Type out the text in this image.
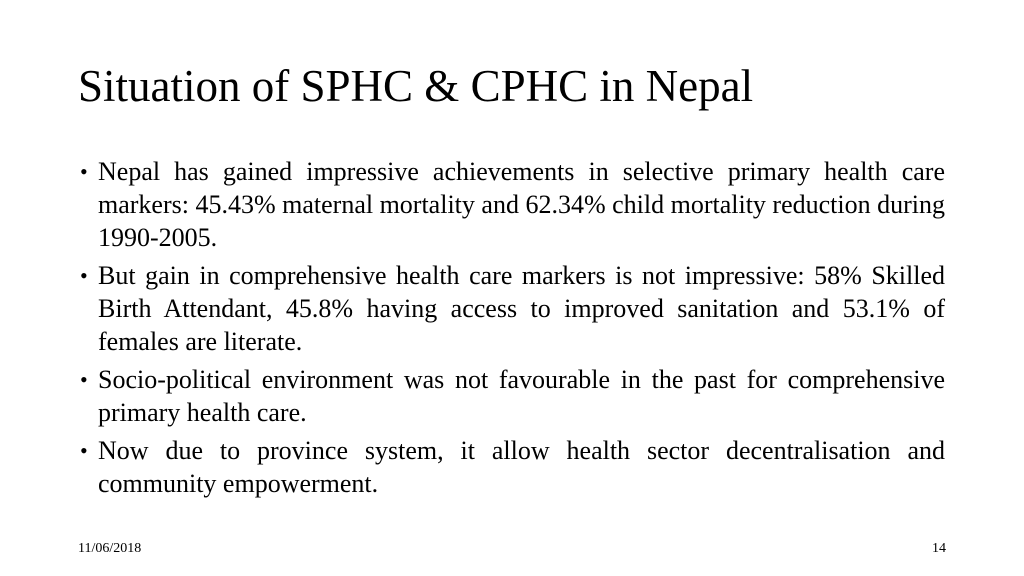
Situation of SPHC & CPHC in Nepal
• Nepal has gained impressive achievements in selective primary health care markers: 45.43% maternal mortality and 62.34% child mortality reduction during 1990-2005.
• But gain in comprehensive health care markers is not impressive: 58% Skilled Birth Attendant, 45.8% having access to improved sanitation and 53.1% of females are literate.
• Socio-political environment was not favourable in the past for comprehensive primary health care.
• Now due to province system, it allow health sector decentralisation and community empowerment.
11/06/2018	14
